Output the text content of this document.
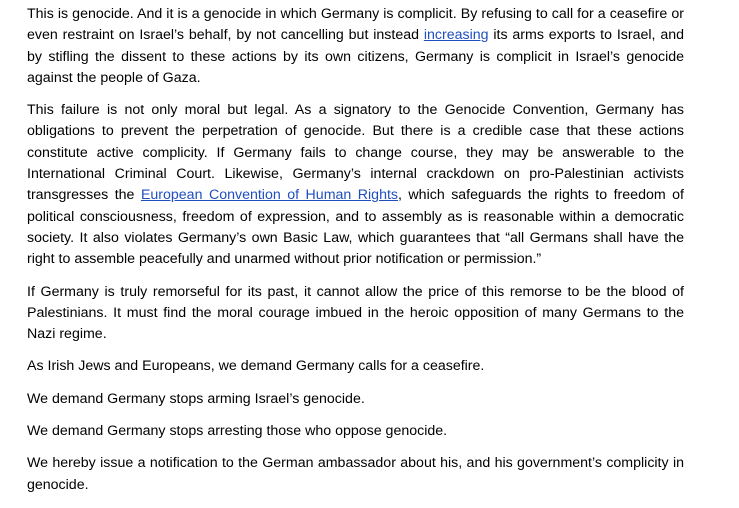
This is genocide. And it is a genocide in which Germany is complicit. By refusing to call for a ceasefire or even restraint on Israel’s behalf, by not cancelling but instead increasing its arms exports to Israel, and by stifling the dissent to these actions by its own citizens, Germany is complicit in Israel’s genocide against the people of Gaza.

This failure is not only moral but legal. As a signatory to the Genocide Convention, Germany has obligations to prevent the perpetration of genocide. But there is a credible case that these actions constitute active complicity. If Germany fails to change course, they may be answerable to the International Criminal Court. Likewise, Germany’s internal crackdown on pro-Palestinian activists transgresses the European Convention of Human Rights, which safeguards the rights to freedom of political consciousness, freedom of expression, and to assembly as is reasonable within a democratic society. It also violates Germany’s own Basic Law, which guarantees that “all Germans shall have the right to assemble peacefully and unarmed without prior notification or permission.”

If Germany is truly remorseful for its past, it cannot allow the price of this remorse to be the blood of Palestinians. It must find the moral courage imbued in the heroic opposition of many Germans to the Nazi regime.

As Irish Jews and Europeans, we demand Germany calls for a ceasefire.

We demand Germany stops arming Israel’s genocide.

We demand Germany stops arresting those who oppose genocide.

We hereby issue a notification to the German ambassador about his, and his government’s complicity in genocide.
